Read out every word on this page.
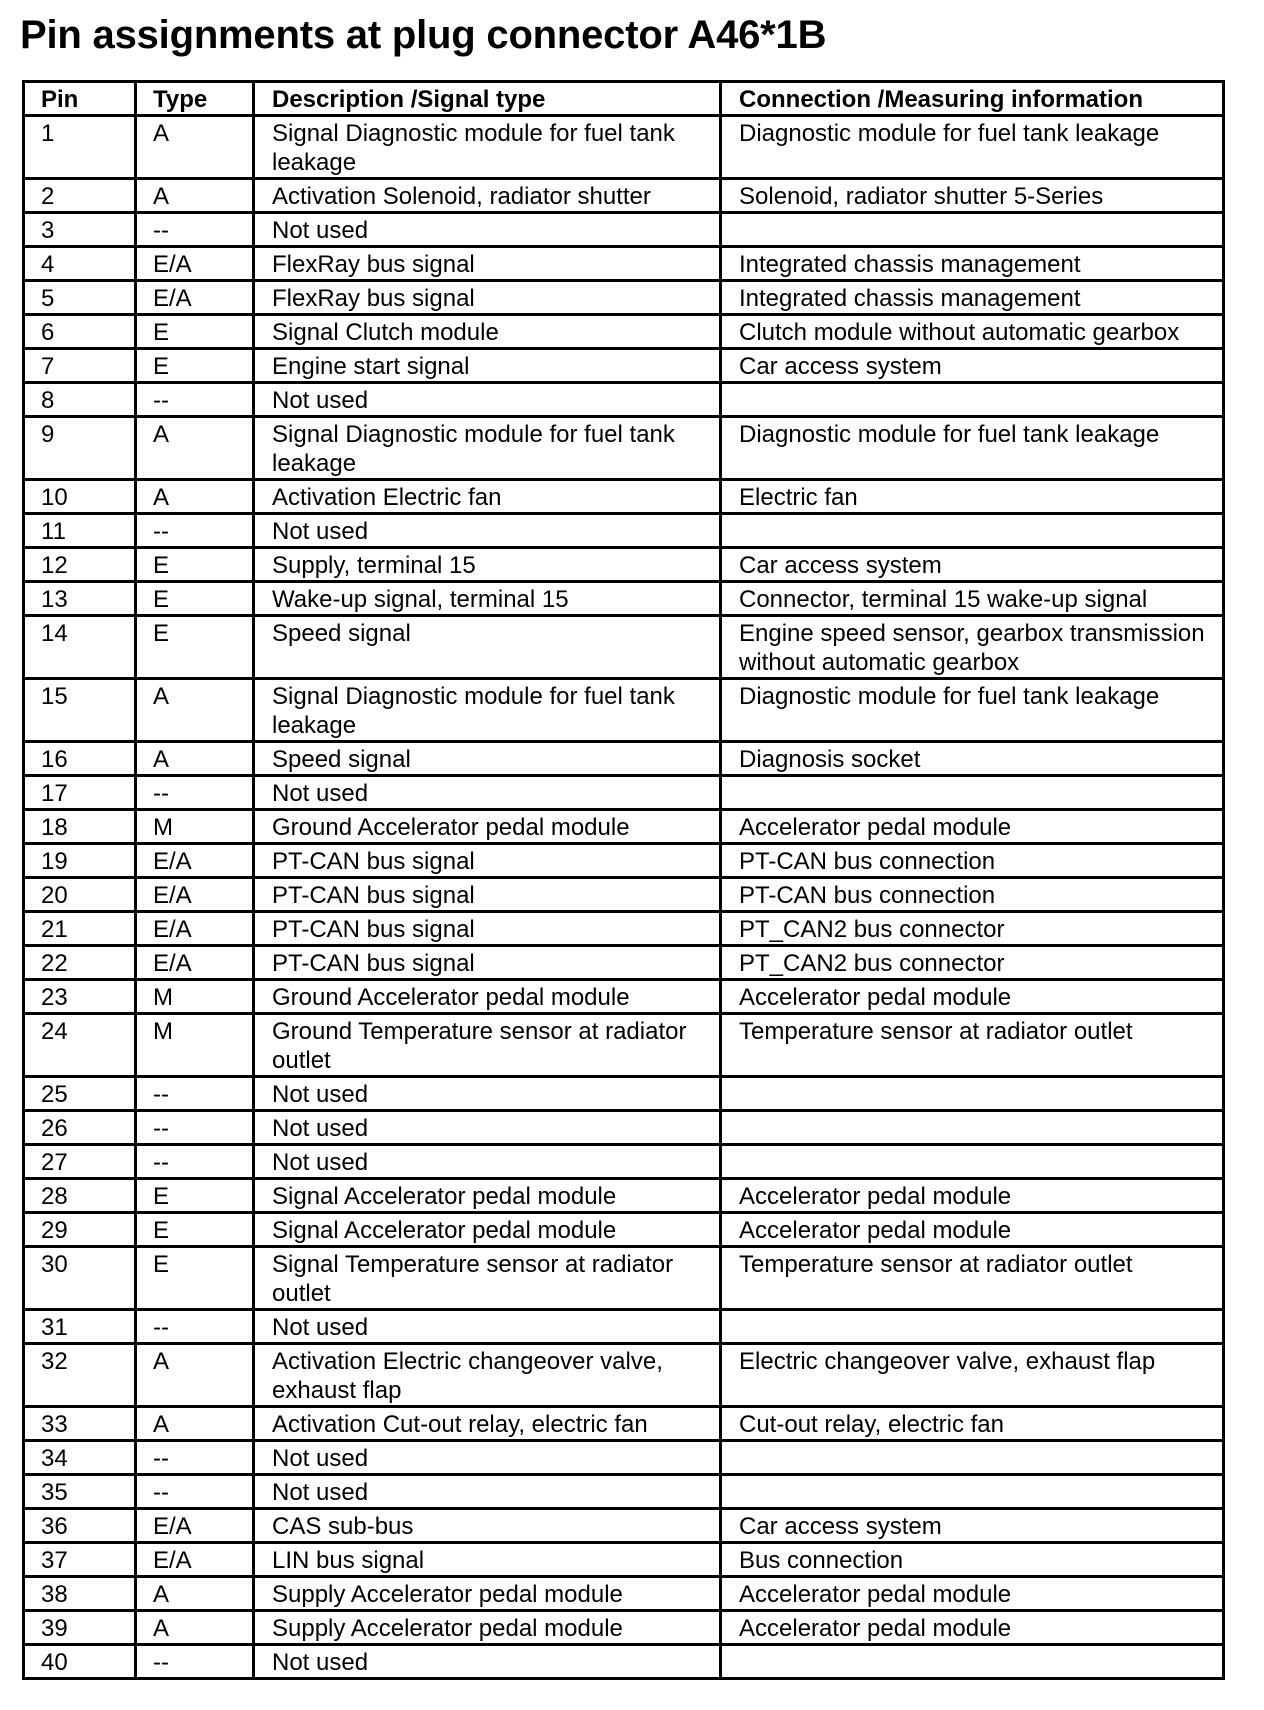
Pin assignments at plug connector A46*1B
Pin	Type	Description /Signal type	Connection /Measuring information
1	A	Signal Diagnostic module for fuel tank leakage	Diagnostic module for fuel tank leakage
2	A	Activation Solenoid, radiator shutter	Solenoid, radiator shutter 5-Series
3	--	Not used	
4	E/A	FlexRay bus signal	Integrated chassis management
5	E/A	FlexRay bus signal	Integrated chassis management
6	E	Signal Clutch module	Clutch module without automatic gearbox
7	E	Engine start signal	Car access system
8	--	Not used	
9	A	Signal Diagnostic module for fuel tank leakage	Diagnostic module for fuel tank leakage
10	A	Activation Electric fan	Electric fan
11	--	Not used	
12	E	Supply, terminal 15	Car access system
13	E	Wake-up signal, terminal 15	Connector, terminal 15 wake-up signal
14	E	Speed signal	Engine speed sensor, gearbox transmission without automatic gearbox
15	A	Signal Diagnostic module for fuel tank leakage	Diagnostic module for fuel tank leakage
16	A	Speed signal	Diagnosis socket
17	--	Not used	
18	M	Ground Accelerator pedal module	Accelerator pedal module
19	E/A	PT-CAN bus signal	PT-CAN bus connection
20	E/A	PT-CAN bus signal	PT-CAN bus connection
21	E/A	PT-CAN bus signal	PT_CAN2 bus connector
22	E/A	PT-CAN bus signal	PT_CAN2 bus connector
23	M	Ground Accelerator pedal module	Accelerator pedal module
24	M	Ground Temperature sensor at radiator outlet	Temperature sensor at radiator outlet
25	--	Not used	
26	--	Not used	
27	--	Not used	
28	E	Signal Accelerator pedal module	Accelerator pedal module
29	E	Signal Accelerator pedal module	Accelerator pedal module
30	E	Signal Temperature sensor at radiator outlet	Temperature sensor at radiator outlet
31	--	Not used	
32	A	Activation Electric changeover valve, exhaust flap	Electric changeover valve, exhaust flap
33	A	Activation Cut-out relay, electric fan	Cut-out relay, electric fan
34	--	Not used	
35	--	Not used	
36	E/A	CAS sub-bus	Car access system
37	E/A	LIN bus signal	Bus connection
38	A	Supply Accelerator pedal module	Accelerator pedal module
39	A	Supply Accelerator pedal module	Accelerator pedal module
40	--	Not used	
